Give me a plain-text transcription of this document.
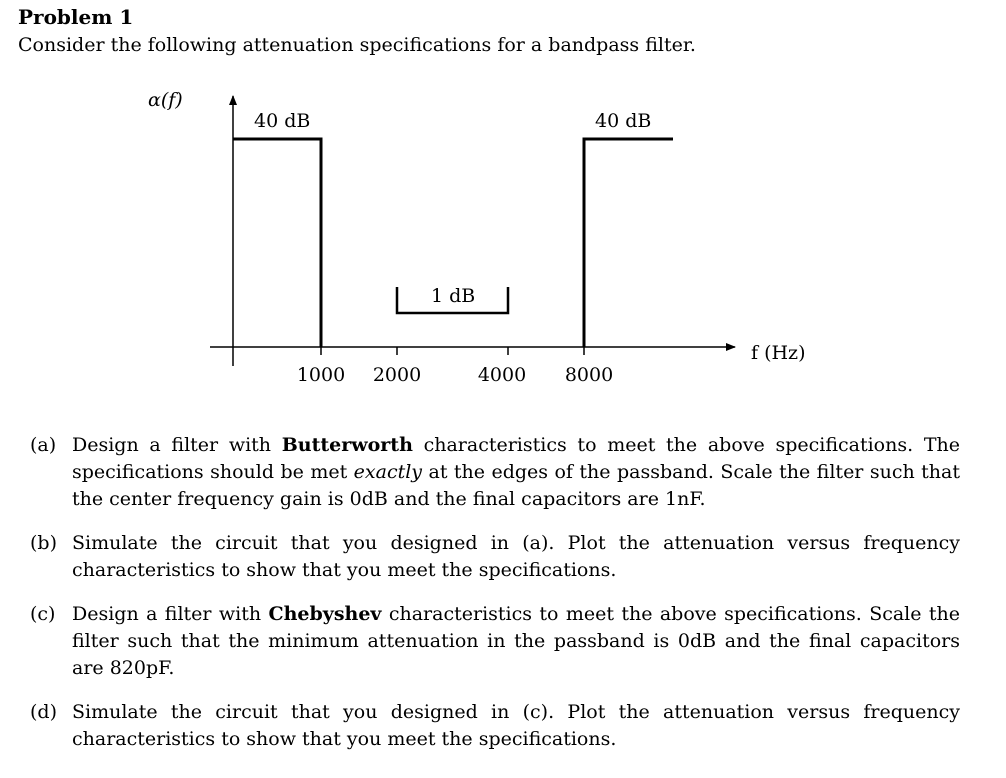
Problem 1
Consider the following attenuation specifications for a bandpass filter.
α(f)
f (Hz)
40 dB	40 dB
1 dB
1000 2000	4000 8000
(a) Design a filter with Butterworth characteristics to meet the above specifications. The specifications should be met exactly at the edges of the passband. Scale the filter such that the center frequency gain is 0dB and the final capacitors are 1nF.
(b) Simulate the circuit that you designed in (a). Plot the attenuation versus frequency characteristics to show that you meet the specifications.
(c) Design a filter with Chebyshev characteristics to meet the above specifications. Scale the filter such that the minimum attenuation in the passband is 0dB and the final capacitors are 820pF.
(d) Simulate the circuit that you designed in (c). Plot the attenuation versus frequency characteristics to show that you meet the specifications.
